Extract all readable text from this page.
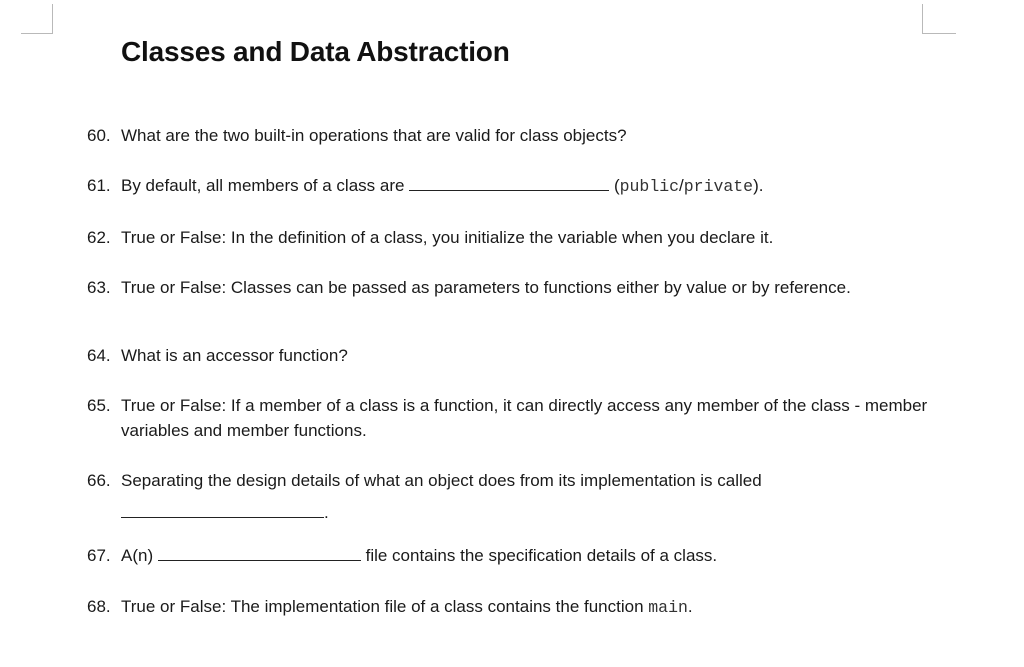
Classes and Data Abstraction
60. What are the two built-in operations that are valid for class objects?
61. By default, all members of a class are	(public/private).
62. True or False: In the definition of a class, you initialize the variable when you declare it.
63. True or False: Classes can be passed as parameters to functions either by value or by reference.
64. What is an accessor function?
65. True or False: If a member of a class is a function, it can directly access any member of the class - member variables and member functions.
66. Separating the design details of what an object does from its implementation is called
.
67. A(n)	file contains the specification details of a class.
68. True or False: The implementation file of a class contains the function main.
